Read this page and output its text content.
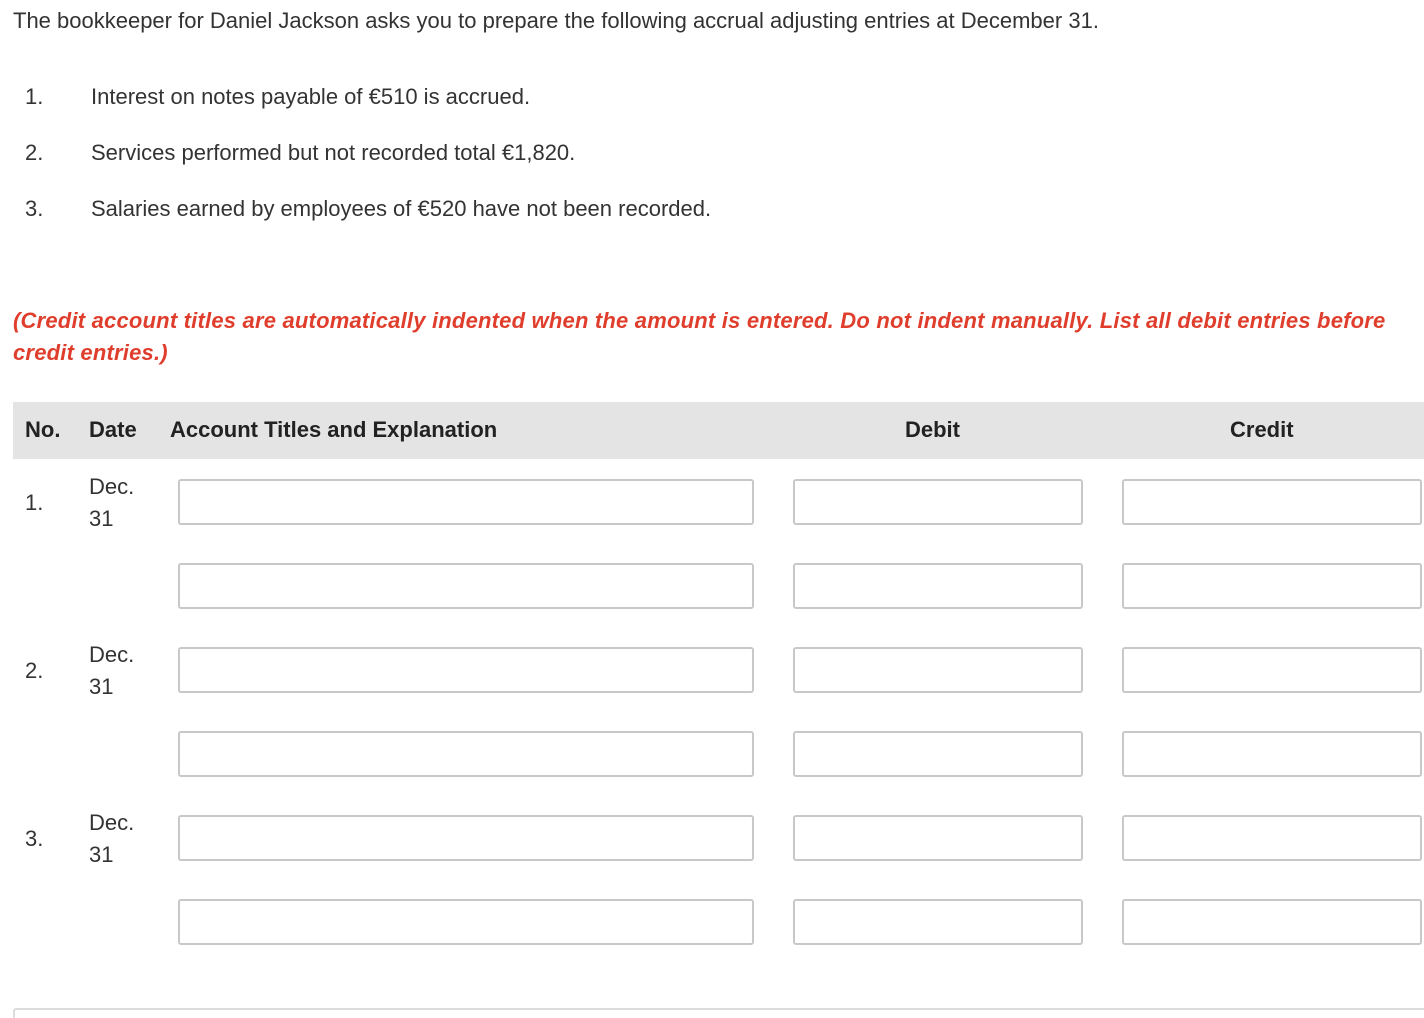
The bookkeeper for Daniel Jackson asks you to prepare the following accrual adjusting entries at December 31.
1. Interest on notes payable of €510 is accrued.
2. Services performed but not recorded total €1,820.
3. Salaries earned by employees of €520 have not been recorded.
(Credit account titles are automatically indented when the amount is entered. Do not indent manually. List all debit entries before credit entries.)
No. Date Account Titles and Explanation	Debit	Credit
1.
Dec.
31
2.
Dec.
31
3.
Dec.
31
